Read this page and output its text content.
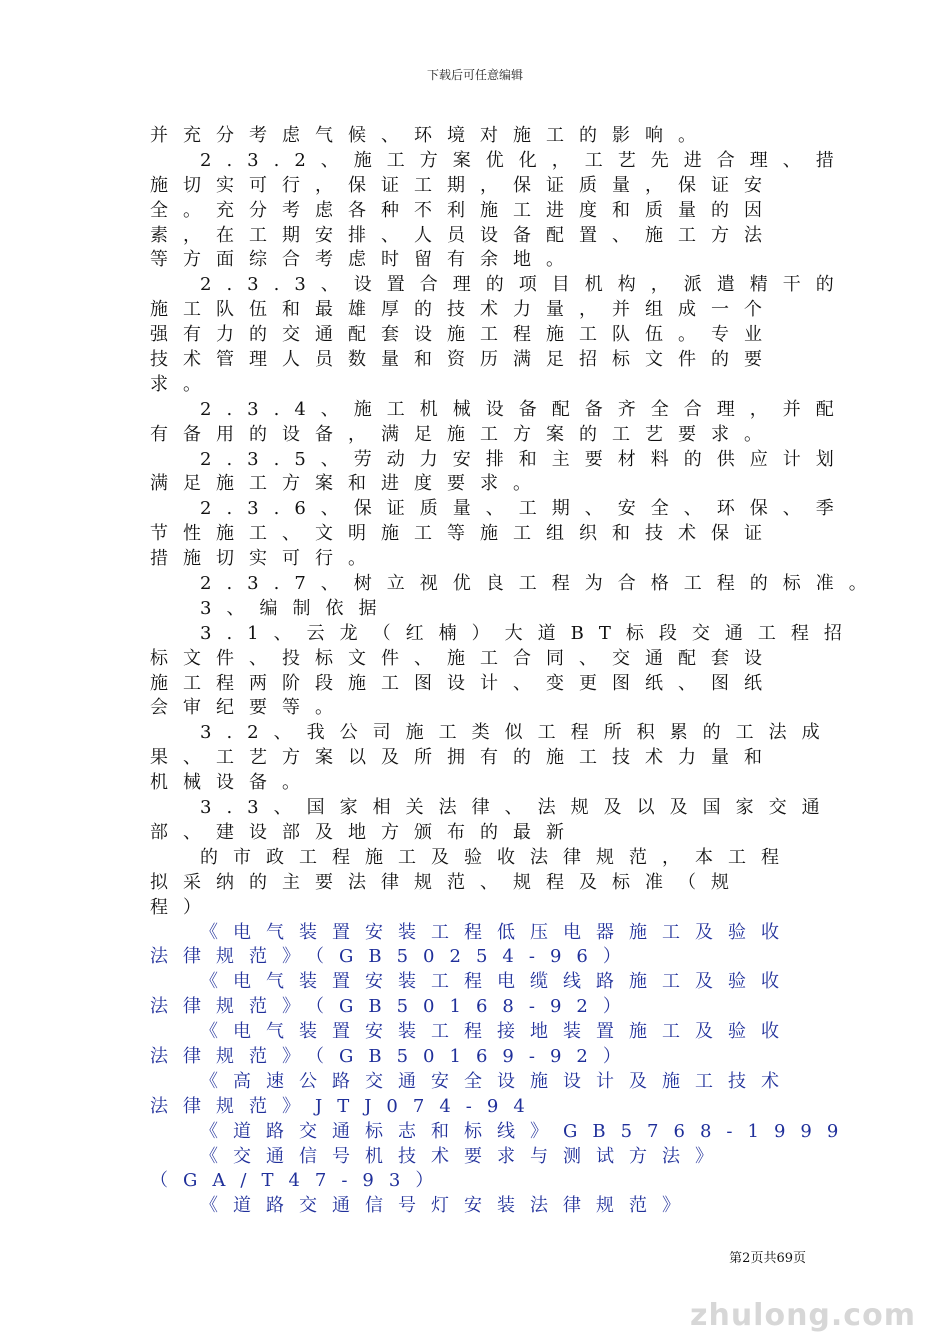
下载后可任意编辑
并充分考虑气候、环境对施工的影响。
2.3.2、施工方案优化，工艺先进合理、措
施切实可行，保证工期，保证质量，保证安
全。充分考虑各种不利施工进度和质量的因
素，在工期安排、人员设备配置、施工方法
等方面综合考虑时留有余地。
2.3.3、设置合理的项目机构，派遣精干的
施工队伍和最雄厚的技术力量，并组成一个
强有力的交通配套设施工程施工队伍。专业
技术管理人员数量和资历满足招标文件的要
求。
2.3.4、施工机械设备配备齐全合理，并配
有备用的设备，满足施工方案的工艺要求。
2.3.5、劳动力安排和主要材料的供应计划
满足施工方案和进度要求。
2.3.6、保证质量、工期、安全、环保、季
节性施工、文明施工等施工组织和技术保证
措施切实可行。
2.3.7、树立视优良工程为合格工程的标准。
3、编制依据
3.1、云龙（红楠）大道BT标段交通工程招
标文件、投标文件、施工合同、交通配套设
施工程两阶段施工图设计、变更图纸、图纸
会审纪要等。
3.2、我公司施工类似工程所积累的工法成
果、工艺方案以及所拥有的施工技术力量和
机械设备。
3.3、国家相关法律、法规及以及国家交通
部、建设部及地方颁布的最新
的市政工程施工及验收法律规范，本工程
拟采纳的主要法律规范、规程及标准（规
程）
《电气装置安装工程低压电器施工及验收
法律规范》（GB50254-96）
《电气装置安装工程电缆线路施工及验收
法律规范》（GB50168-92）
《电气装置安装工程接地装置施工及验收
法律规范》（GB50169-92）
《高速公路交通安全设施设计及施工技术
法律规范》JTJ074-94
《道路交通标志和标线》GB5768-1999
《交通信号机技术要求与测试方法》
（GA/T47-93）
《道路交通信号灯安装法律规范》
第2页共69页
zhulong.com
